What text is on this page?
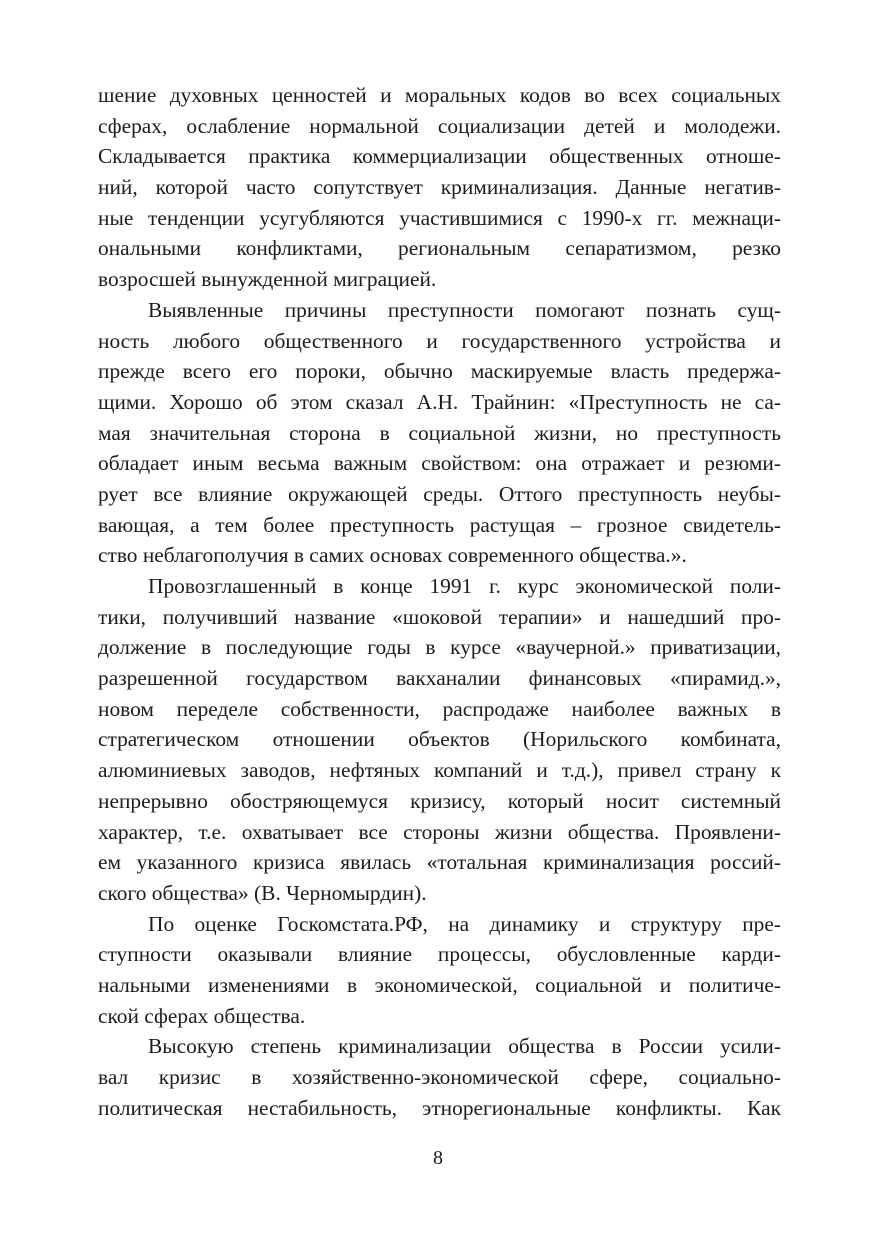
шение духовных ценностей и моральных кодов во всех социальных
сферах, ослабление нормальной социализации детей и молодежи.
Складывается практика коммерциализации общественных отноше-
ний, которой часто сопутствует криминализация. Данные негатив-
ные тенденции усугубляются участившимися с 1990-х гг. межнаци-
ональными конфликтами, региональным сепаратизмом, резко
возросшей вынужденной миграцией.
Выявленные причины преступности помогают познать сущ-
ность любого общественного и государственного устройства и
прежде всего его пороки, обычно маскируемые власть предержа-
щими. Хорошо об этом сказал А.Н. Трайнин: «Преступность не са-
мая значительная сторона в социальной жизни, но преступность
обладает иным весьма важным свойством: она отражает и резюми-
рует все влияние окружающей среды. Оттого преступность неубы-
вающая, а тем более преступность растущая – грозное свидетель-
ство неблагополучия в самих основах современного общества.».
Провозглашенный в конце 1991 г. курс экономической поли-
тики, получивший название «шоковой терапии» и нашедший про-
должение в последующие годы в курсе «ваучерной.» приватизации,
разрешенной государством вакханалии финансовых «пирамид.»,
новом переделе собственности, распродаже наиболее важных в
стратегическом отношении объектов (Норильского комбината,
алюминиевых заводов, нефтяных компаний и т.д.), привел страну к
непрерывно обостряющемуся кризису, который носит системный
характер, т.е. охватывает все стороны жизни общества. Проявлени-
ем указанного кризиса явилась «тотальная криминализация россий-
ского общества» (В. Черномырдин).
По оценке Госкомстата.РФ, на динамику и структуру пре-
ступности оказывали влияние процессы, обусловленные карди-
нальными изменениями в экономической, социальной и политиче-
ской сферах общества.
Высокую степень криминализации общества в России усили-
вал кризис в хозяйственно-экономической сфере, социально-
политическая нестабильность, этнорегиональные конфликты. Как
8
